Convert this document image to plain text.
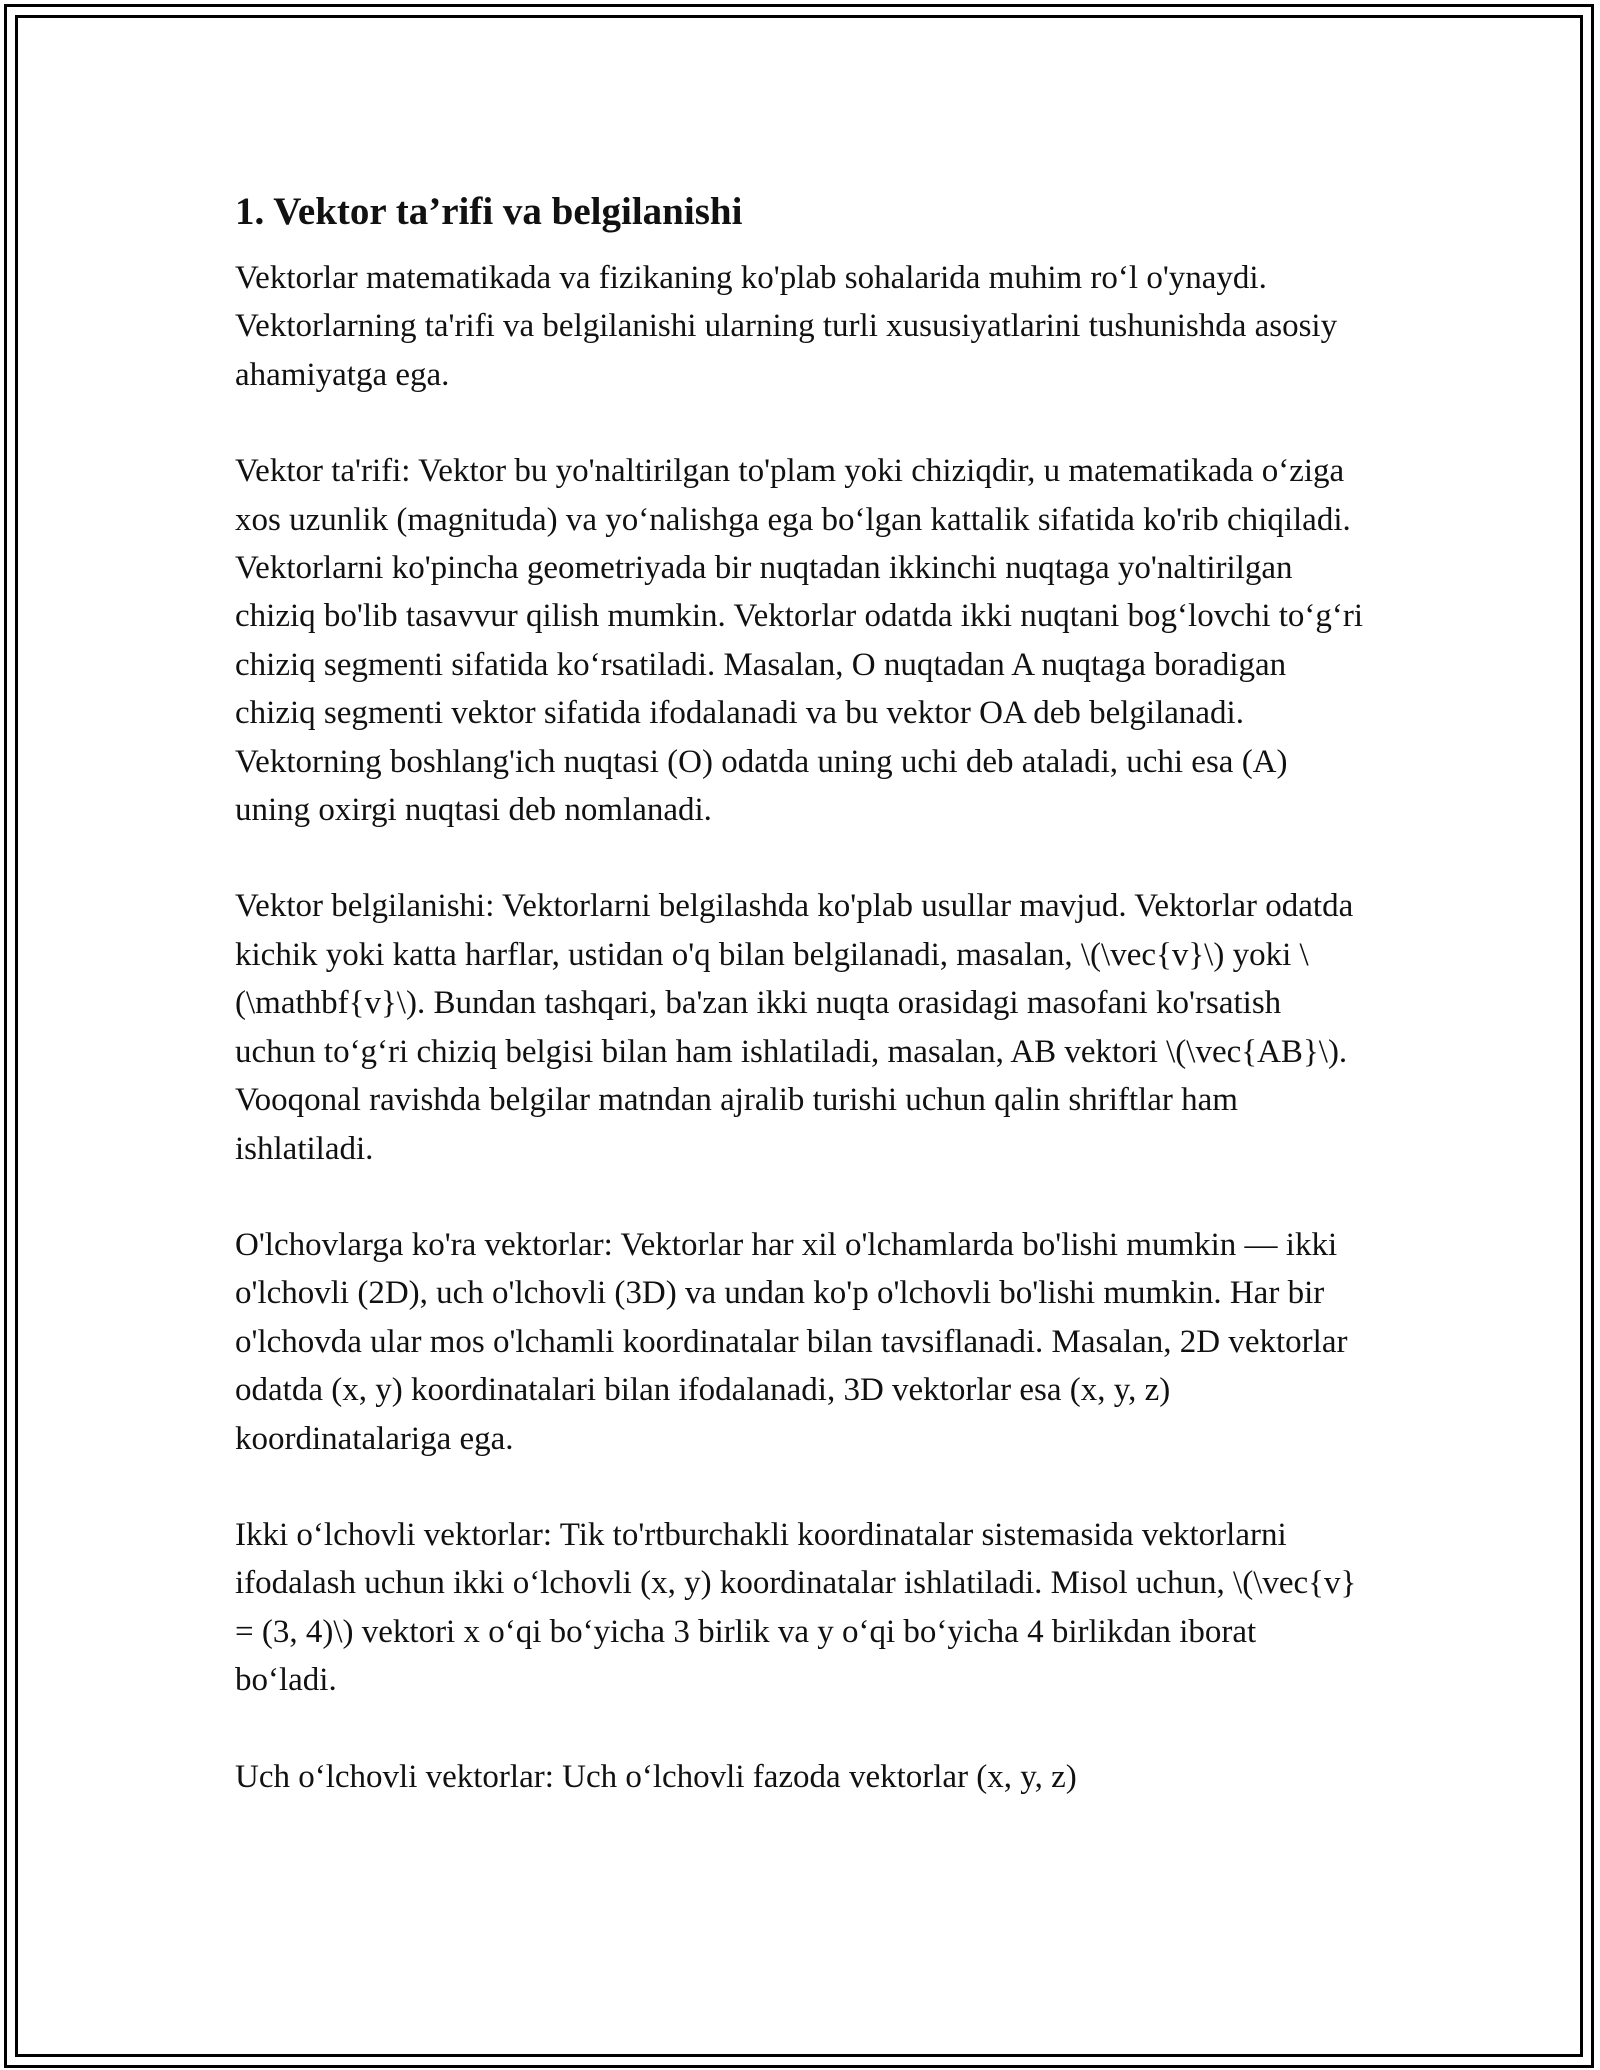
1. Vektor ta’rifi va belgilanishi

Vektorlar matematikada va fizikaning ko'plab sohalarida muhim ro‘l o'ynaydi. Vektorlarning ta'rifi va belgilanishi ularning turli xususiyatlarini tushunishda asosiy ahamiyatga ega.

Vektor ta'rifi: Vektor bu yo'naltirilgan to'plam yoki chiziqdir, u matematikada o‘ziga xos uzunlik (magnituda) va yo‘nalishga ega bo‘lgan kattalik sifatida ko'rib chiqiladi. Vektorlarni ko'pincha geometriyada bir nuqtadan ikkinchi nuqtaga yo'naltirilgan chiziq bo'lib tasavvur qilish mumkin. Vektorlar odatda ikki nuqtani bog‘lovchi to‘g‘ri chiziq segmenti sifatida ko‘rsatiladi. Masalan, O nuqtadan A nuqtaga boradigan chiziq segmenti vektor sifatida ifodalanadi va bu vektor OA deb belgilanadi. Vektorning boshlang'ich nuqtasi (O) odatda uning uchi deb ataladi, uchi esa (A) uning oxirgi nuqtasi deb nomlanadi.

Vektor belgilanishi: Vektorlarni belgilashda ko'plab usullar mavjud. Vektorlar odatda kichik yoki katta harflar, ustidan o'q bilan belgilanadi, masalan, \(\vec{v}\) yoki \(\mathbf{v}\). Bundan tashqari, ba'zan ikki nuqta orasidagi masofani ko'rsatish uchun to‘g‘ri chiziq belgisi bilan ham ishlatiladi, masalan, AB vektori \(\vec{AB}\). Vooqonal ravishda belgilar matndan ajralib turishi uchun qalin shriftlar ham ishlatiladi.

O'lchovlarga ko'ra vektorlar: Vektorlar har xil o'lchamlarda bo'lishi mumkin — ikki o'lchovli (2D), uch o'lchovli (3D) va undan ko'p o'lchovli bo'lishi mumkin. Har bir o'lchovda ular mos o'lchamli koordinatalar bilan tavsiflanadi. Masalan, 2D vektorlar odatda (x, y) koordinatalari bilan ifodalanadi, 3D vektorlar esa (x, y, z) koordinatalariga ega.

Ikki o‘lchovli vektorlar: Tik to'rtburchakli koordinatalar sistemasida vektorlarni ifodalash uchun ikki o‘lchovli (x, y) koordinatalar ishlatiladi. Misol uchun, \(\vec{v} = (3, 4)\) vektori x o‘qi bo‘yicha 3 birlik va y o‘qi bo‘yicha 4 birlikdan iborat bo‘ladi.

Uch o‘lchovli vektorlar: Uch o‘lchovli fazoda vektorlar (x, y, z)
